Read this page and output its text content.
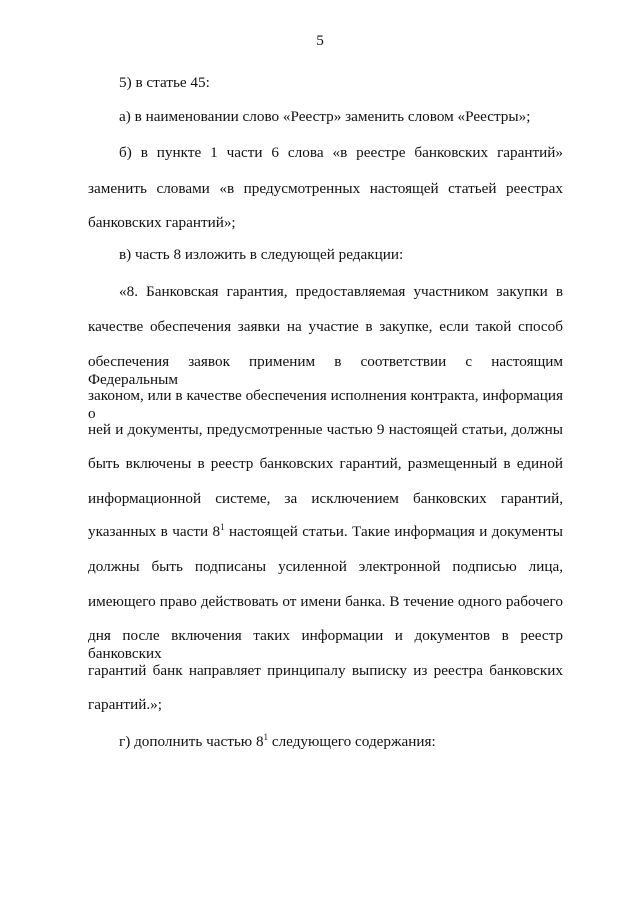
5
5) в статье 45:
а) в наименовании слово «Реестр» заменить словом «Реестры»;
б) в пункте 1 части 6 слова «в реестре банковских гарантий»
заменить словами «в предусмотренных настоящей статьей реестрах
банковских гарантий»;
в) часть 8 изложить в следующей редакции:
«8. Банковская гарантия, предоставляемая участником закупки в
качестве обеспечения заявки на участие в закупке, если такой способ
обеспечения заявок применим в соответствии с настоящим Федеральным
законом, или в качестве обеспечения исполнения контракта, информация о
ней и документы, предусмотренные частью 9 настоящей статьи, должны
быть включены в реестр банковских гарантий, размещенный в единой
информационной системе, за исключением банковских гарантий,
указанных в части $8^1$ настоящей статьи. Такие информация и документы
должны быть подписаны усиленной электронной подписью лица,
имеющего право действовать от имени банка. В течение одного рабочего
дня после включения таких информации и документов в реестр банковских
гарантий банк направляет принципалу выписку из реестра банковских
гарантий.»;
г) дополнить частью $8^1$ следующего содержания:
